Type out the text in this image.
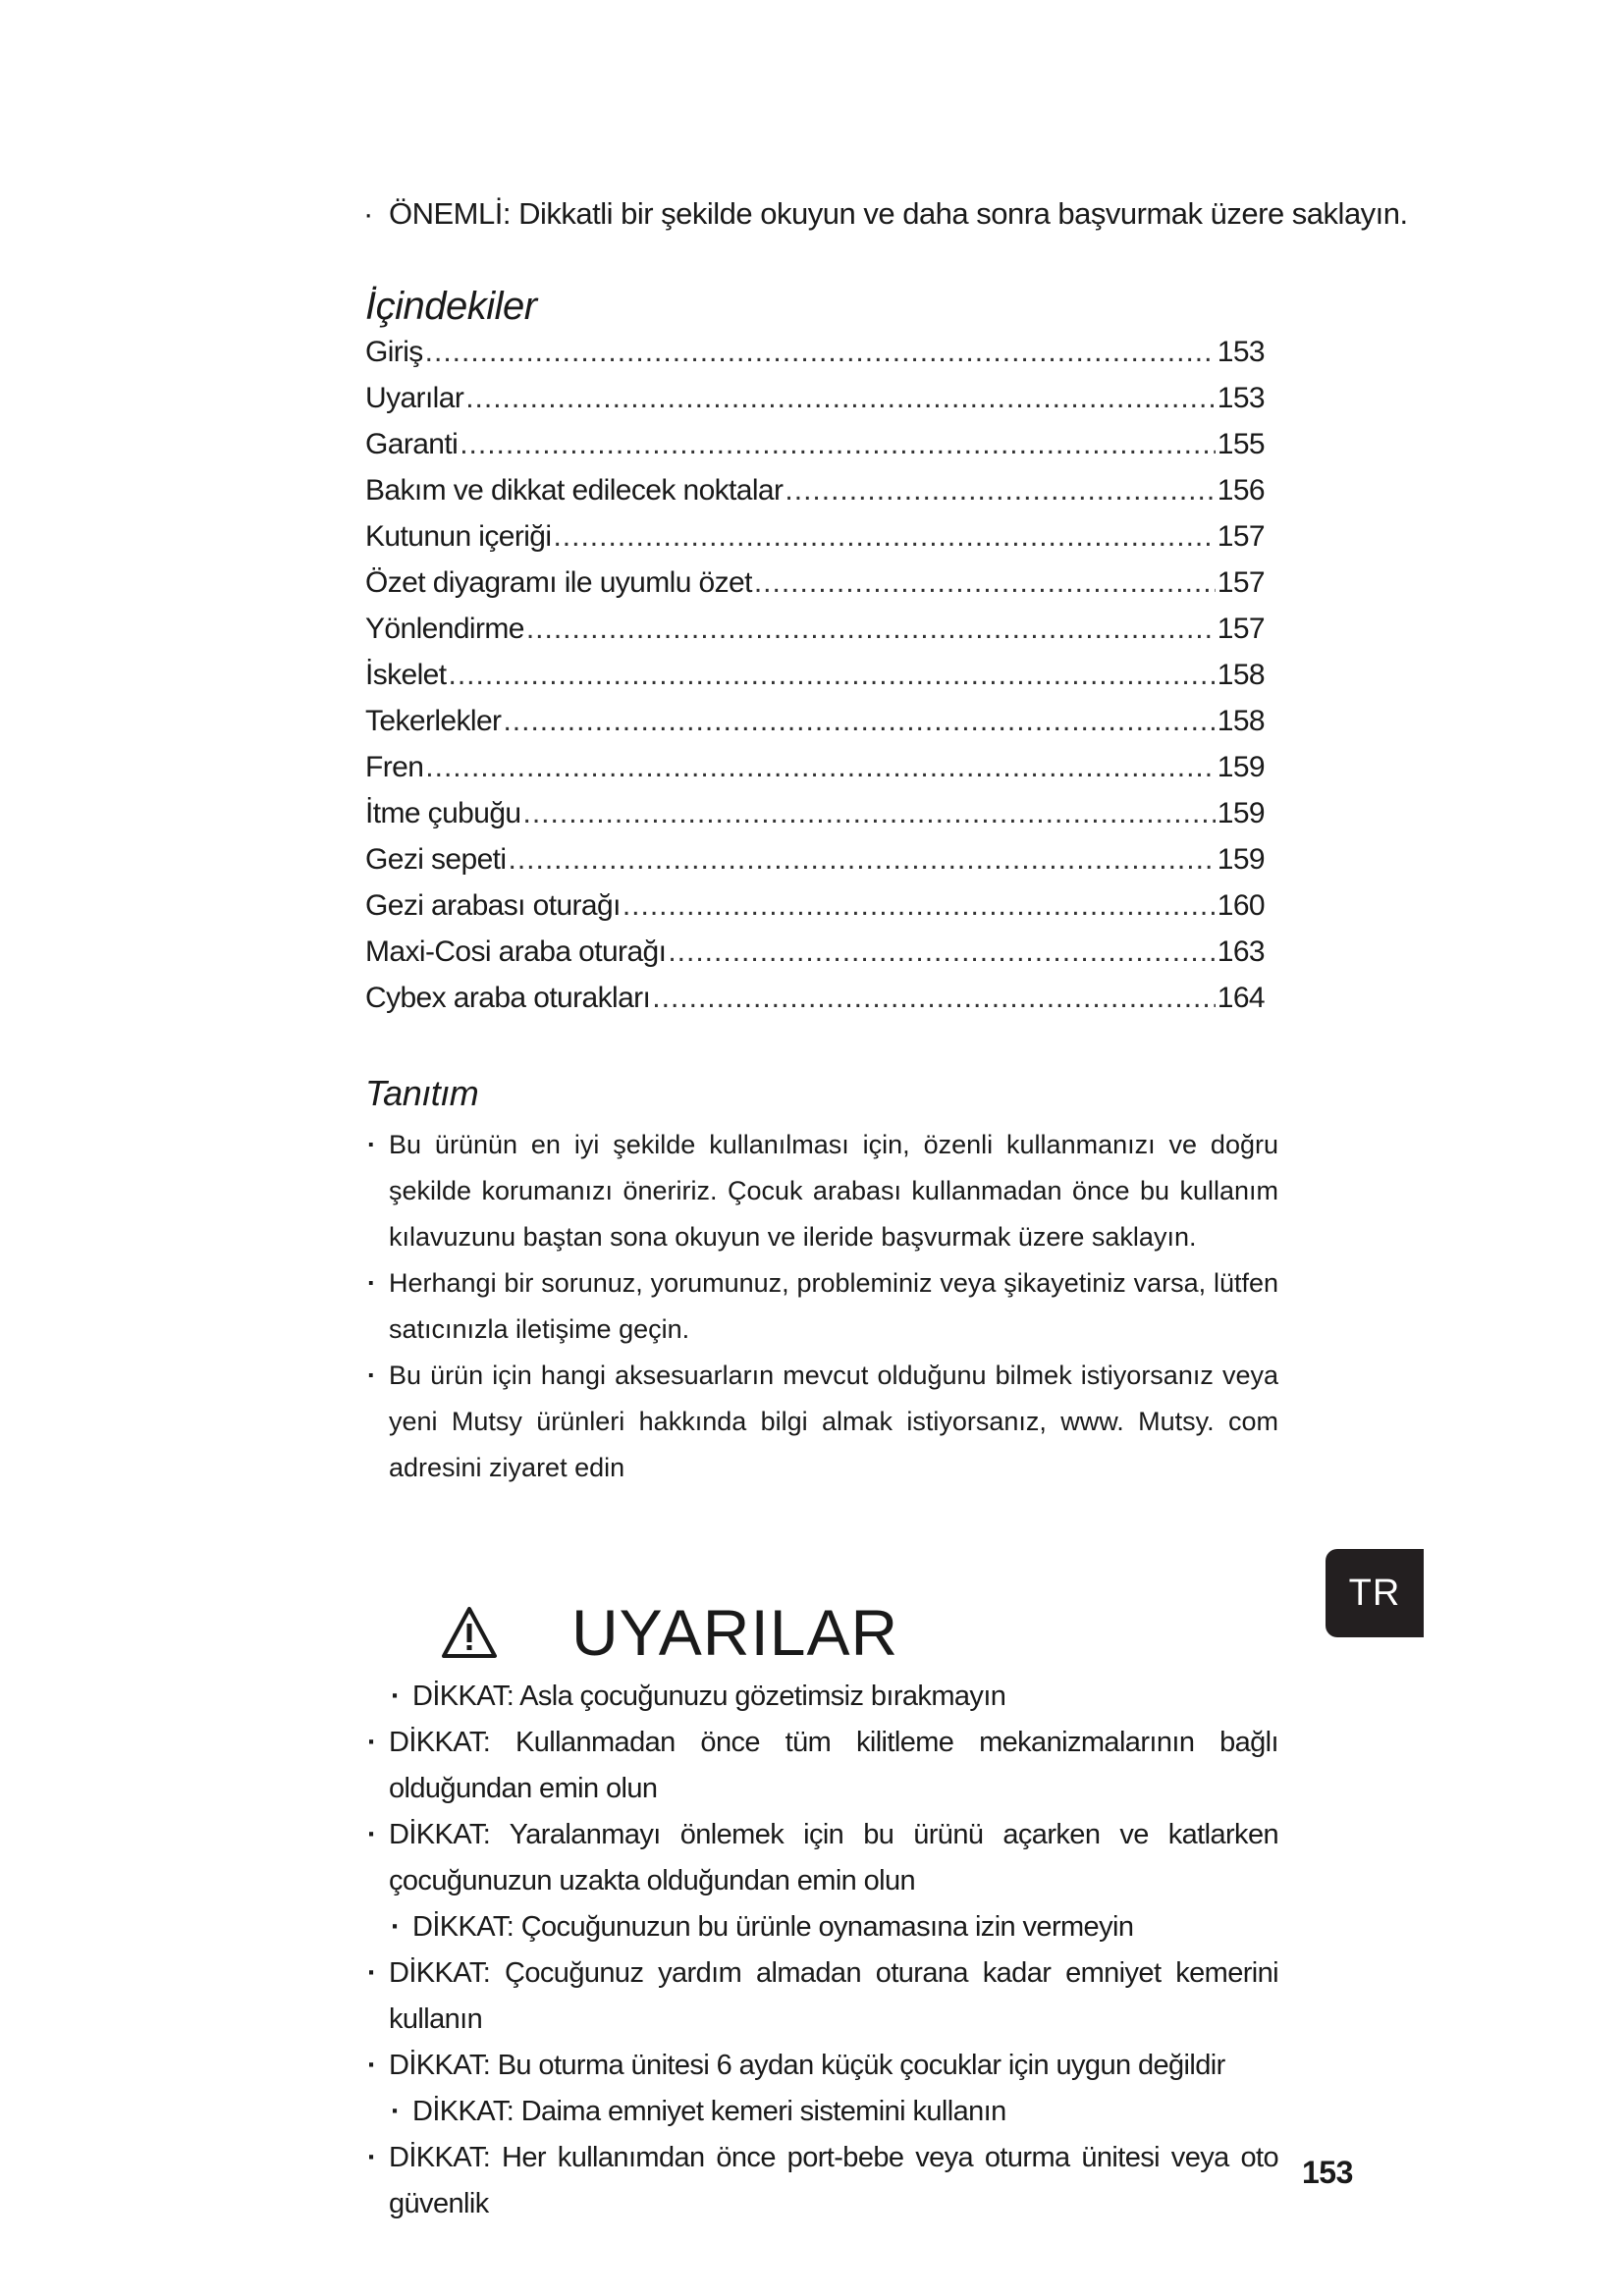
· ÖNEMLİ: Dikkatli bir şekilde okuyun ve daha sonra başvurmak üzere saklayın.
İçindekiler
Giriş .....	153
Uyarılar .....	153
Garanti .....	155
Bakım ve dikkat edilecek noktalar .....	156
Kutunun içeriği .....	157
Özet diyagramı ile uyumlu özet .....	157
Yönlendirme .....	157
İskelet .....	158
Tekerlekler .....	158
Fren .....	159
İtme çubuğu .....	159
Gezi sepeti .....	159
Gezi arabası oturağı .....	160
Maxi-Cosi araba oturağı .....	163
Cybex araba oturakları .....	164
Tanıtım
· Bu ürünün en iyi şekilde kullanılması için, özenli kullanmanızı ve doğru şekilde korumanızı öneririz. Çocuk arabası kullanmadan önce bu kullanım kılavuzunu baştan sona okuyun ve ileride başvurmak üzere saklayın.
· Herhangi bir sorunuz, yorumunuz, probleminiz veya şikayetiniz varsa, lütfen satıcınızla iletişime geçin.
· Bu ürün için hangi aksesuarların mevcut olduğunu bilmek istiyorsanız veya yeni Mutsy ürünleri hakkında bilgi almak istiyorsanız, www. Mutsy. com adresini ziyaret edin
TR
UYARILAR
· DİKKAT: Asla çocuğunuzu gözetimsiz bırakmayın
· DİKKAT: Kullanmadan önce tüm kilitleme mekanizmalarının bağlı olduğundan emin olun
· DİKKAT: Yaralanmayı önlemek için bu ürünü açarken ve katlarken çocuğunuzun uzakta olduğundan emin olun
· DİKKAT: Çocuğunuzun bu ürünle oynamasına izin vermeyin
· DİKKAT: Çocuğunuz yardım almadan oturana kadar emniyet kemerini kullanın
· DİKKAT: Bu oturma ünitesi 6 aydan küçük çocuklar için uygun değildir
· DİKKAT: Daima emniyet kemeri sistemini kullanın
· DİKKAT: Her kullanımdan önce port-bebe veya oturma ünitesi veya oto güvenlik
153
